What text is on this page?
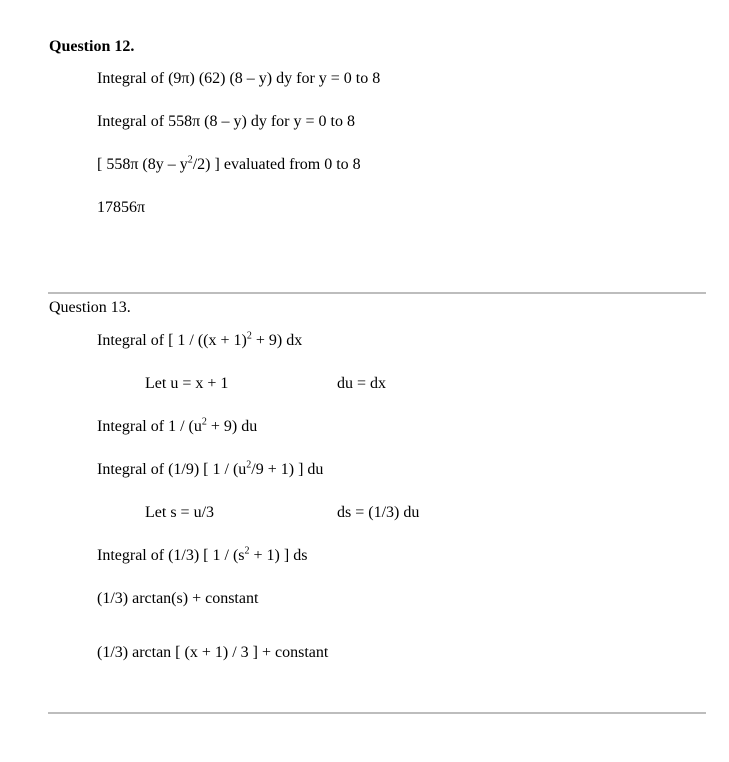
Question 12.
Integral of (9π) (62) (8 – y) dy for y = 0 to 8
Integral of 558π (8 – y) dy for y = 0 to 8
[ 558π $(8y - y^2/2)$ ] evaluated from 0 to 8
17856π
Question 13.
Integral of [ $1 / ((x + 1)^2 + 9)$ dx
Let u = x + 1	du = dx
Integral of $1 / (u^2 + 9)$ du
Integral of (1/9) [ $1 / (u^2/9 + 1)$ ] du
Let s = u/3	ds = (1/3) du
Integral of (1/3) [ $1 / (s^2 + 1)$ ] ds
(1/3) arctan(s) + constant
(1/3) arctan [ (x + 1) / 3 ] + constant
